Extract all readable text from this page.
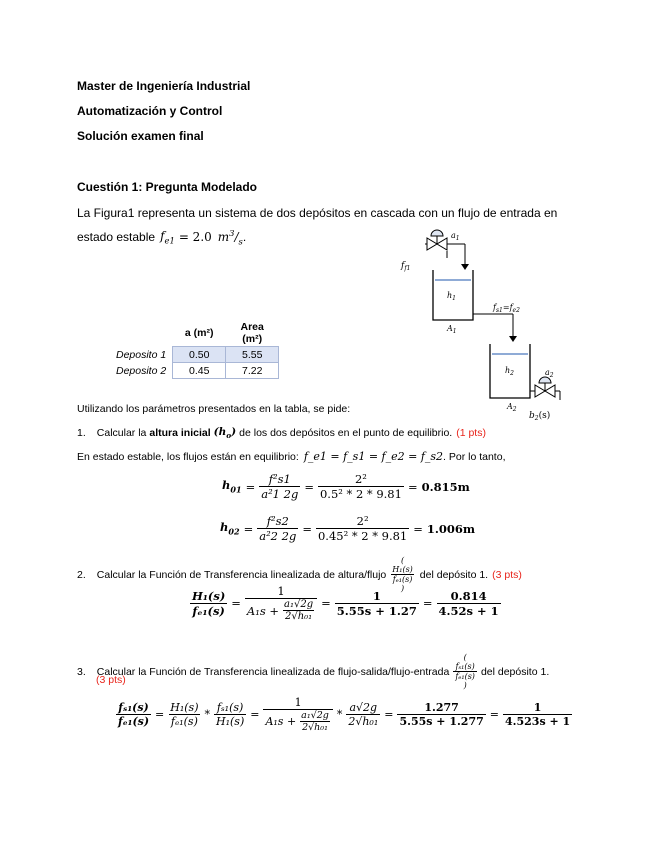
Master de Ingeniería Industrial
Automatización y Control
Solución examen final
Cuestión 1: Pregunta Modelado
La Figura1 representa un sistema de dos depósitos en cascada con un flujo de entrada en
estado estable $f_{e1} = 2.0$ $m^3/_s$ .	$a_1$
$f_{f1}$
$h_1$
$A_1$
$f_{s1}=f_{e2}$
$h_2$	$a_2$
$A_2$
$b_2(s)$
	a (m²)	Area (m²)
Deposito 1	0.50	5.55
Deposito 2	0.45	7.22
Utilizando los parámetros presentados en la tabla, se pide:
1. Calcular la altura inicial $(h_o)$ de los dos depósitos en el punto de equilibrio. (1 pts)
En estado estable, los flujos están en equilibrio: f_e1 = f_s1 = f_e2 = f_s2 . Por lo tanto,
$h_{01} = \frac{\text{f²s1}}{\text{a²1 2g}} = \frac{\text{2²}}{\text{0.5² * 2 * 9.81}} = 0.815m$
$h_{02} = \frac{\text{f²s2}}{\text{a²2 2g}} = \frac{\text{2²}}{\text{0.45² * 2 * 9.81}} = 1.006m$
2. Calcular la Función de Transferencia linealizada de altura/flujo
(
H₁(s)
fₑ₁(s)
)
del depósito 1. (3 pts)
$\frac{\text{H₁(s)}}{\text{fₑ₁(s)}} = \frac{1}{A_1s + \frac{\text{a₁√2g}}{\text{2√h₀₁}}} = \frac{1}{5.55s + 1.27} = \frac{0.814}{4.52s + 1}$
3. Calcular la Función de Transferencia linealizada de flujo-salida/flujo-entrada
(
fₛ₁(s)
fₑ₁(s)
)
del depósito 1.
(3 pts)
$\frac{\text{fₛ₁(s)}}{\text{fₑ₁(s)}} = \frac{\text{H₁(s)}}{\text{fₑ₁(s)}} * \frac{\text{fₛ₁(s)}}{\text{H₁(s)}} = \frac{1}{A_1s + \frac{\text{a₁√2g}}{\text{2√h₀₁}}} * \frac{a√2g}{\text{2√h₀₁}} = \frac{1.277}{5.55s + 1.277} = \frac{1}{4.523s + 1}$
